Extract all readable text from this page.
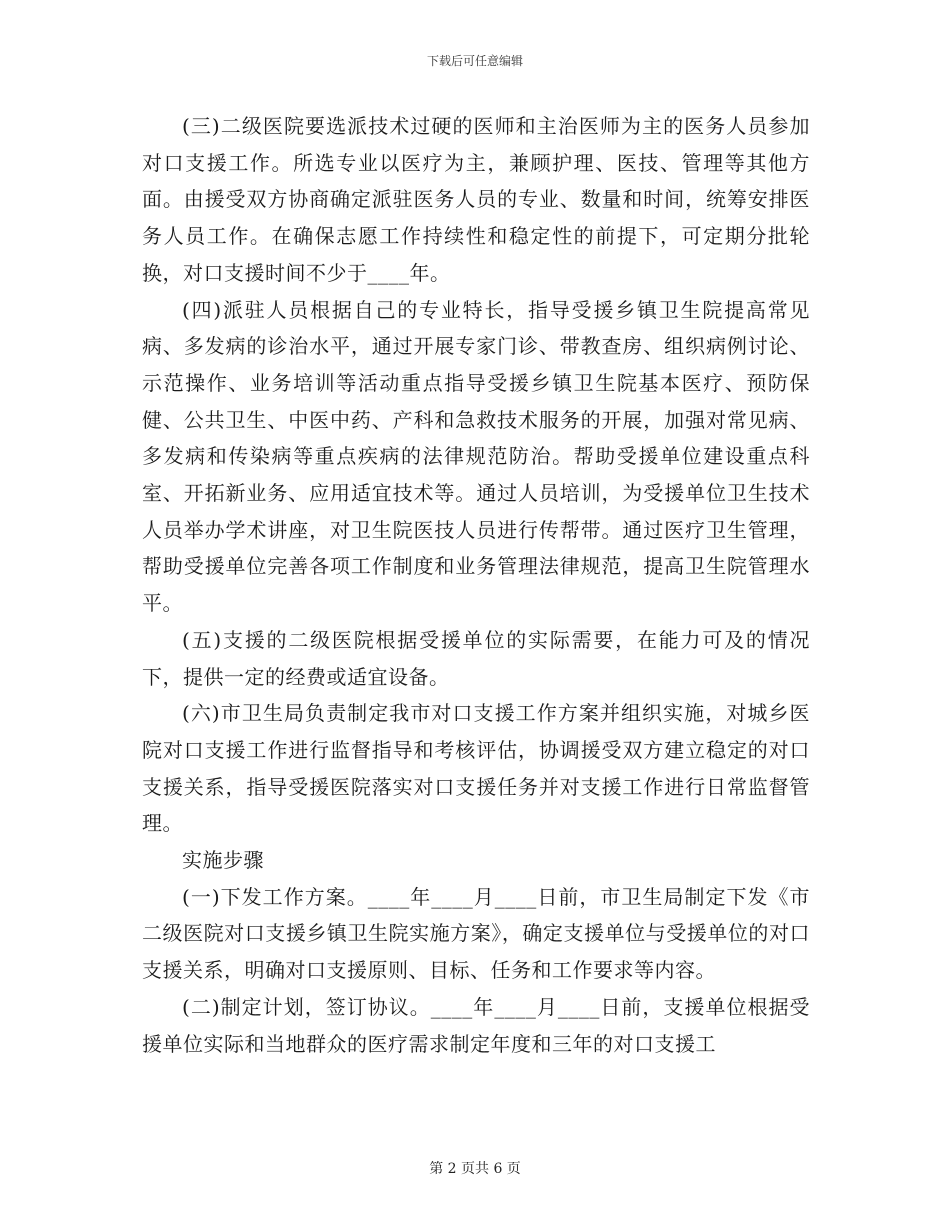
下载后可任意编辑

(三)二级医院要选派技术过硬的医师和主治医师为主的医务人员参加对口支援工作。所选专业以医疗为主，兼顾护理、医技、管理等其他方面。由援受双方协商确定派驻医务人员的专业、数量和时间，统筹安排医务人员工作。在确保志愿工作持续性和稳定性的前提下，可定期分批轮换，对口支援时间不少于____年。

(四)派驻人员根据自己的专业特长，指导受援乡镇卫生院提高常见病、多发病的诊治水平，通过开展专家门诊、带教查房、组织病例讨论、示范操作、业务培训等活动重点指导受援乡镇卫生院基本医疗、预防保健、公共卫生、中医中药、产科和急救技术服务的开展，加强对常见病、多发病和传染病等重点疾病的法律规范防治。帮助受援单位建设重点科室、开拓新业务、应用适宜技术等。通过人员培训，为受援单位卫生技术人员举办学术讲座，对卫生院医技人员进行传帮带。通过医疗卫生管理，帮助受援单位完善各项工作制度和业务管理法律规范，提高卫生院管理水平。

(五)支援的二级医院根据受援单位的实际需要，在能力可及的情况下，提供一定的经费或适宜设备。

(六)市卫生局负责制定我市对口支援工作方案并组织实施，对城乡医院对口支援工作进行监督指导和考核评估，协调援受双方建立稳定的对口支援关系，指导受援医院落实对口支援任务并对支援工作进行日常监督管理。

实施步骤

(一)下发工作方案。____年____月____日前，市卫生局制定下发《市二级医院对口支援乡镇卫生院实施方案》，确定支援单位与受援单位的对口支援关系，明确对口支援原则、目标、任务和工作要求等内容。

(二)制定计划，签订协议。____年____月____日前，支援单位根据受援单位实际和当地群众的医疗需求制定年度和三年的对口支援工

第 2 页共 6 页
